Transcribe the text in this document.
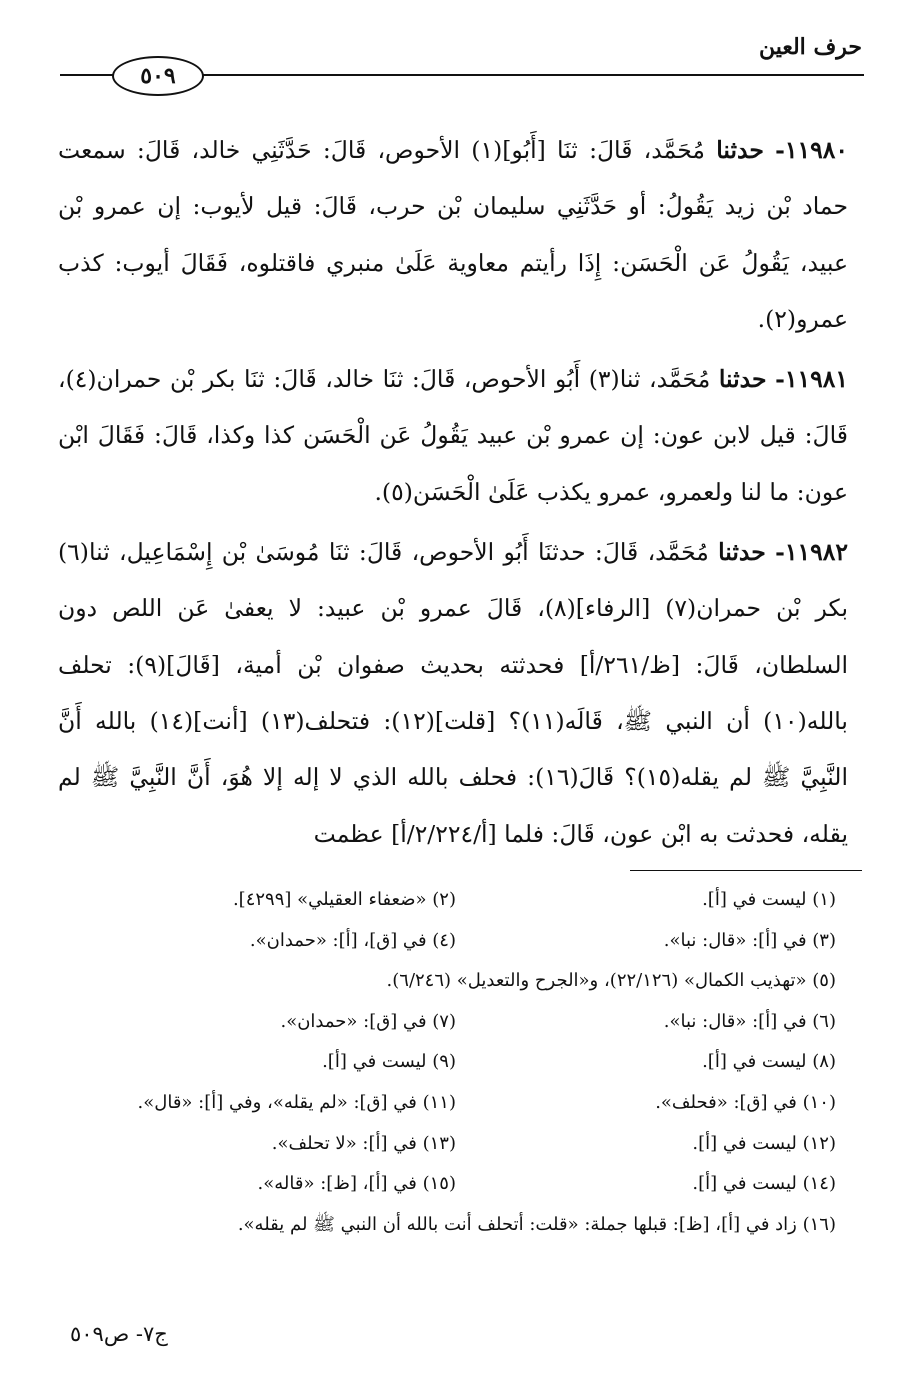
حرف العين
٥٠٩

١١٩٨٠- حدثنا مُحَمَّد، قَالَ: ثنَا [أَبُو](١) الأحوص، قَالَ: حَدَّثَنِي خالد، قَالَ: سمعت حماد بْن زيد يَقُولُ: أو حَدَّثَنِي سليمان بْن حرب، قَالَ: قيل لأيوب: إن عمرو بْن عبيد، يَقُولُ عَن الْحَسَن: إِذَا رأيتم معاوية عَلَىٰ منبري فاقتلوه، فَقَالَ أيوب: كذب عمرو(٢).

١١٩٨١- حدثنا مُحَمَّد، ثنا(٣) أَبُو الأحوص، قَالَ: ثنَا خالد، قَالَ: ثنَا بكر بْن حمران(٤)، قَالَ: قيل لابن عون: إن عمرو بْن عبيد يَقُولُ عَن الْحَسَن كذا وكذا، قَالَ: فَقَالَ ابْن عون: ما لنا ولعمرو، عمرو يكذب عَلَىٰ الْحَسَن(٥).

١١٩٨٢- حدثنا مُحَمَّد، قَالَ: حدثنَا أَبُو الأحوص، قَالَ: ثنَا مُوسَىٰ بْن إِسْمَاعِيل، ثنا(٦) بكر بْن حمران(٧) [الرفاء](٨)، قَالَ عمرو بْن عبيد: لا يعفىٰ عَن اللص دون السلطان، قَالَ: [ظ/٢٦١/أ] فحدثته بحديث صفوان بْن أمية، [قَالَ](٩): تحلف بالله(١٠) أن النبي ﷺ، قَالَه(١١)؟ [قلت](١٢): فتحلف(١٣) [أنت](١٤) بالله أَنَّ النَّبِيَّ ﷺ لم يقله(١٥)؟ قَالَ(١٦): فحلف بالله الذي لا إله إلا هُوَ، أَنَّ النَّبِيَّ ﷺ لم يقله، فحدثت به ابْن عون، قَالَ: فلما [أ/٢/٢٢٤/أ] عظمت

(١) ليست في [أ].
(٢) «ضعفاء العقيلي» [٤٢٩٩].
(٣) في [أ]: «قال: نبا».
(٤) في [ق]، [أ]: «حمدان».
(٥) «تهذيب الكمال» (٢٢/١٢٦)، و«الجرح والتعديل» (٦/٢٤٦).
(٦) في [أ]: «قال: نبا».
(٧) في [ق]: «حمدان».
(٨) ليست في [أ].
(٩) ليست في [أ].
(١٠) في [ق]: «فحلف».
(١١) في [ق]: «لم يقله»، وفي [أ]: «قال».
(١٢) ليست في [أ].
(١٣) في [أ]: «لا تحلف».
(١٤) ليست في [أ].
(١٥) في [أ]، [ظ]: «قاله».
(١٦) زاد في [أ]، [ظ]: قبلها جملة: «قلت: أتحلف أنت بالله أن النبي ﷺ لم يقله».
ج٧- ص٥٠٩
